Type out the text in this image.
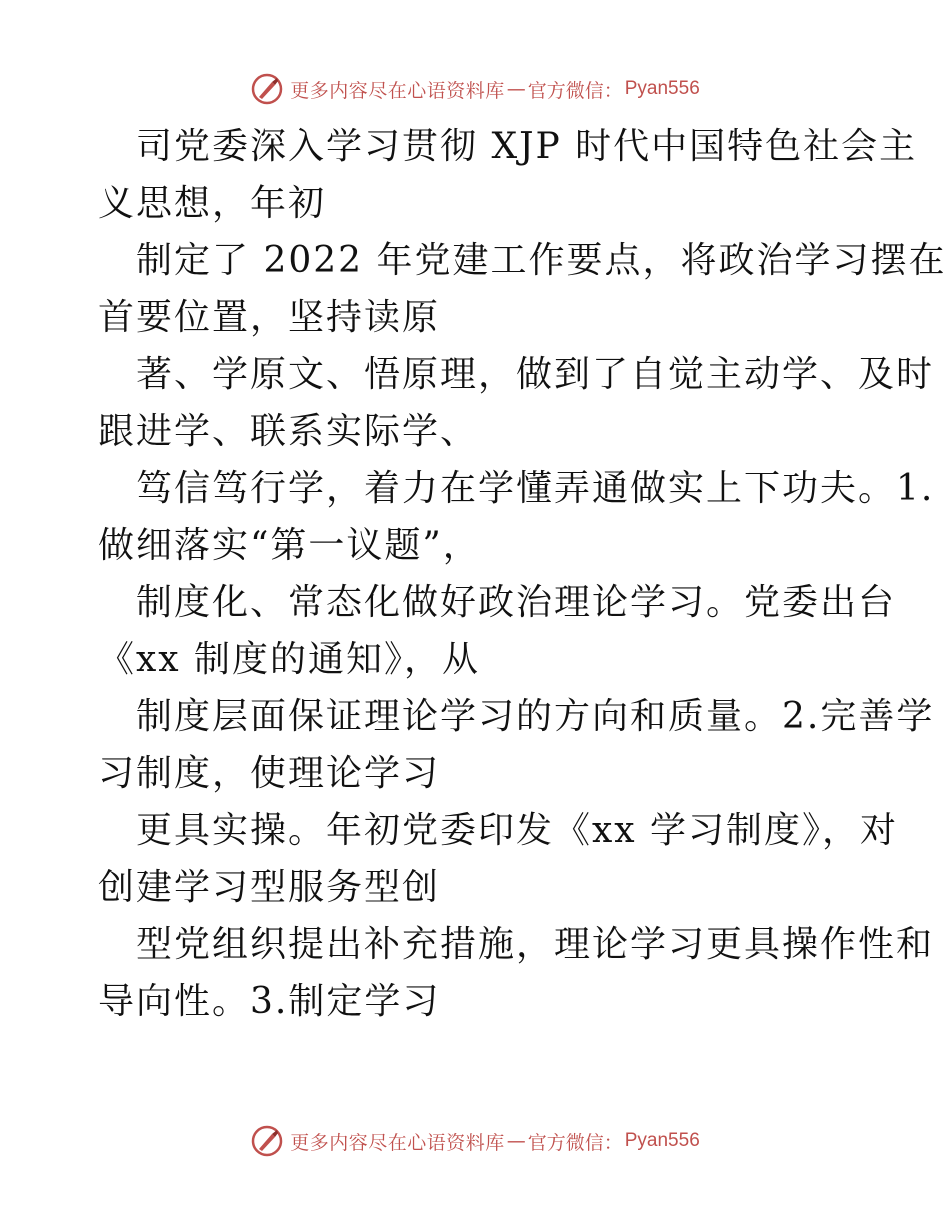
更多内容尽在心语资料库 — 官方微信： Pyan556
司党委深入学习贯彻 XJP 时代中国特色社会主
义思想，年初
制定了 2022 年党建工作要点，将政治学习摆在
首要位置，坚持读原
著、学原文、悟原理，做到了自觉主动学、及时
跟进学、联系实际学、
笃信笃行学，着力在学懂弄通做实上下功夫。1.
做细落实“第一议题”，
制度化、常态化做好政治理论学习。党委出台
《xx 制度的通知》，从
制度层面保证理论学习的方向和质量。2.完善学
习制度，使理论学习
更具实操。年初党委印发《xx 学习制度》，对
创建学习型服务型创
型党组织提出补充措施，理论学习更具操作性和
导向性。3.制定学习
更多内容尽在心语资料库 — 官方微信： Pyan556
